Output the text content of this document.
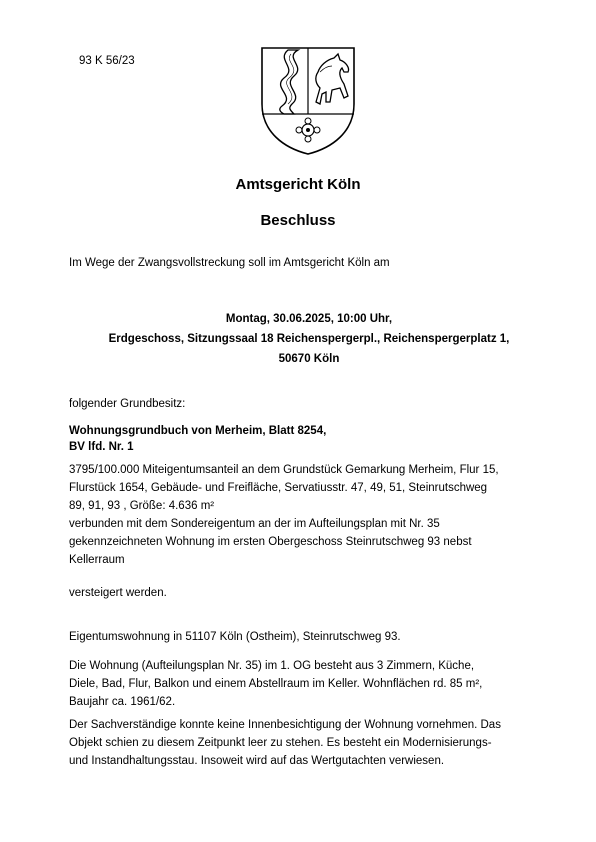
93 K 56/23
Amtsgericht Köln
Beschluss
Im Wege der Zwangsvollstreckung soll im Amtsgericht Köln am
Montag, 30.06.2025, 10:00 Uhr,
Erdgeschoss, Sitzungssaal 18 Reichenspergerpl., Reichenspergerplatz 1,
50670 Köln
folgender Grundbesitz:
Wohnungsgrundbuch von Merheim, Blatt 8254,
BV lfd. Nr. 1
3795/100.000 Miteigentumsanteil an dem Grundstück Gemarkung Merheim, Flur 15,
Flurstück 1654, Gebäude- und Freifläche, Servatiusstr. 47, 49, 51, Steinrutschweg
89, 91, 93 , Größe: 4.636 m²
verbunden mit dem Sondereigentum an der im Aufteilungsplan mit Nr. 35
gekennzeichneten Wohnung im ersten Obergeschoss Steinrutschweg 93 nebst
Kellerraum
versteigert werden.
Eigentumswohnung in 51107 Köln (Ostheim), Steinrutschweg 93.
Die Wohnung (Aufteilungsplan Nr. 35) im 1. OG besteht aus 3 Zimmern, Küche,
Diele, Bad, Flur, Balkon und einem Abstellraum im Keller. Wohnflächen rd. 85 m²,
Baujahr ca. 1961/62.
Der Sachverständige konnte keine Innenbesichtigung der Wohnung vornehmen. Das
Objekt schien zu diesem Zeitpunkt leer zu stehen. Es besteht ein Modernisierungs-
und Instandhaltungsstau. Insoweit wird auf das Wertgutachten verwiesen.
